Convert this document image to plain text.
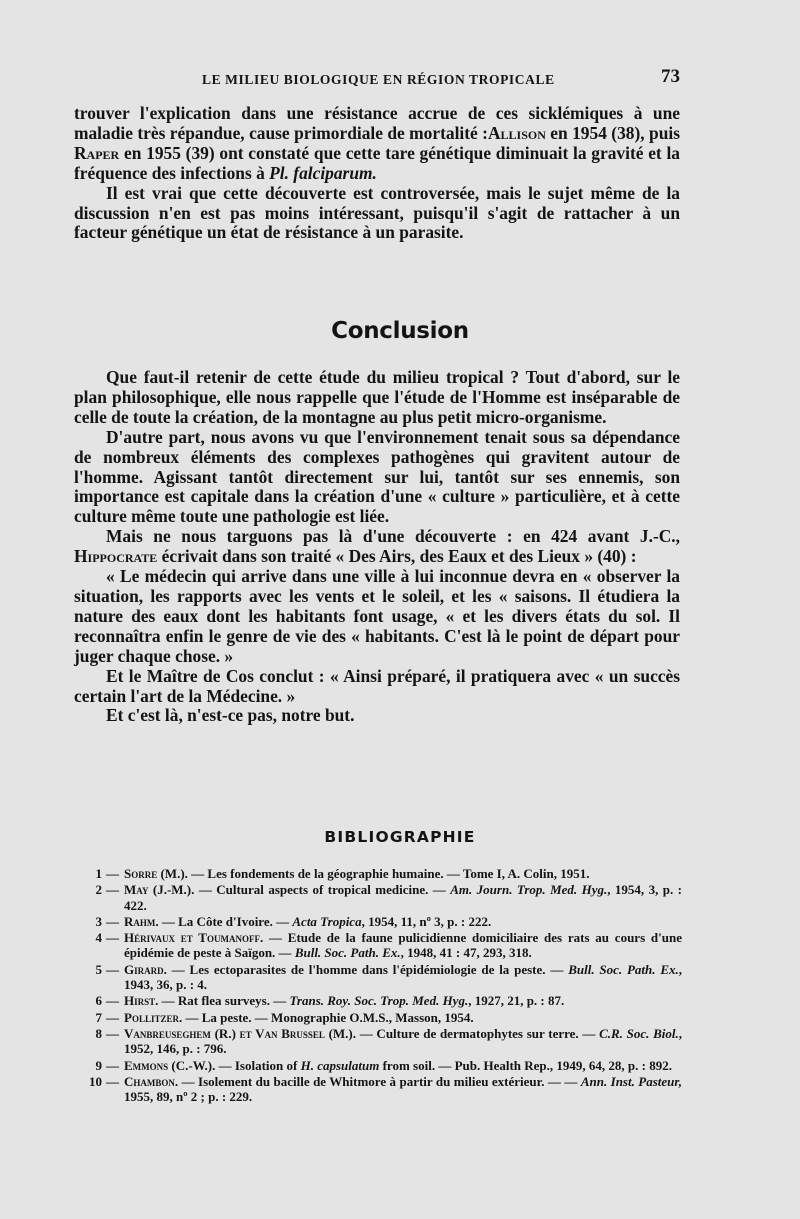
LE MILIEU BIOLOGIQUE EN RÉGION TROPICALE	73

trouver l'explication dans une résistance accrue de ces sicklémiques à une maladie très répandue, cause primordiale de mortalité :Allison en 1954 (38), puis Raper en 1955 (39) ont constaté que cette tare génétique diminuait la gravité et la fréquence des infections à Pl. falciparum.

Il est vrai que cette découverte est controversée, mais le sujet même de la discussion n'en est pas moins intéressant, puisqu'il s'agit de rattacher à un facteur génétique un état de résistance à un parasite.

Conclusion

Que faut-il retenir de cette étude du milieu tropical ? Tout d'abord, sur le plan philosophique, elle nous rappelle que l'étude de l'Homme est inséparable de celle de toute la création, de la montagne au plus petit micro-organisme.

D'autre part, nous avons vu que l'environnement tenait sous sa dépendance de nombreux éléments des complexes pathogènes qui gravitent autour de l'homme. Agissant tantôt directement sur lui, tantôt sur ses ennemis, son importance est capitale dans la création d'une « culture » particulière, et à cette culture même toute une pathologie est liée.

Mais ne nous targuons pas là d'une découverte : en 424 avant J.-C., Hippocrate écrivait dans son traité « Des Airs, des Eaux et des Lieux » (40) :

« Le médecin qui arrive dans une ville à lui inconnue devra en « observer la situation, les rapports avec les vents et le soleil, et les « saisons. Il étudiera la nature des eaux dont les habitants font usage, « et les divers états du sol. Il reconnaîtra enfin le genre de vie des « habitants. C'est là le point de départ pour juger chaque chose. »

Et le Maître de Cos conclut : « Ainsi préparé, il pratiquera avec « un succès certain l'art de la Médecine. »

Et c'est là, n'est-ce pas, notre but.

BIBLIOGRAPHIE
1 — Sorre (M.). — Les fondements de la géographie humaine. — Tome I, A. Colin, 1951.
2 — May (J.-M.). — Cultural aspects of tropical medicine. — Am. Journ. Trop. Med. Hyg., 1954, 3, p. : 422.
3 — Rahm. — La Côte d'Ivoire. — Acta Tropica, 1954, 11, nº 3, p. : 222.
4 — Hérivaux et Toumanoff. — Etude de la faune pulicidienne domiciliaire des rats au cours d'une épidémie de peste à Saïgon. — Bull. Soc. Path. Ex., 1948, 41 : 47, 293, 318.
5 — Girard. — Les ectoparasites de l'homme dans l'épidémiologie de la peste. — Bull. Soc. Path. Ex., 1943, 36, p. : 4.
6 — Hirst. — Rat flea surveys. — Trans. Roy. Soc. Trop. Med. Hyg., 1927, 21, p. : 87.
7 — Pollitzer. — La peste. — Monographie O.M.S., Masson, 1954.
8 — Vanbreuseghem (R.) et Van Brussel (M.). — Culture de dermatophytes sur terre. — C.R. Soc. Biol., 1952, 146, p. : 796.
9 — Emmons (C.-W.). — Isolation of H. capsulatum from soil. — Pub. Health Rep., 1949, 64, 28, p. : 892.
10 — Chambon. — Isolement du bacille de Whitmore à partir du milieu extérieur. — — Ann. Inst. Pasteur, 1955, 89, nº 2 ; p. : 229.
